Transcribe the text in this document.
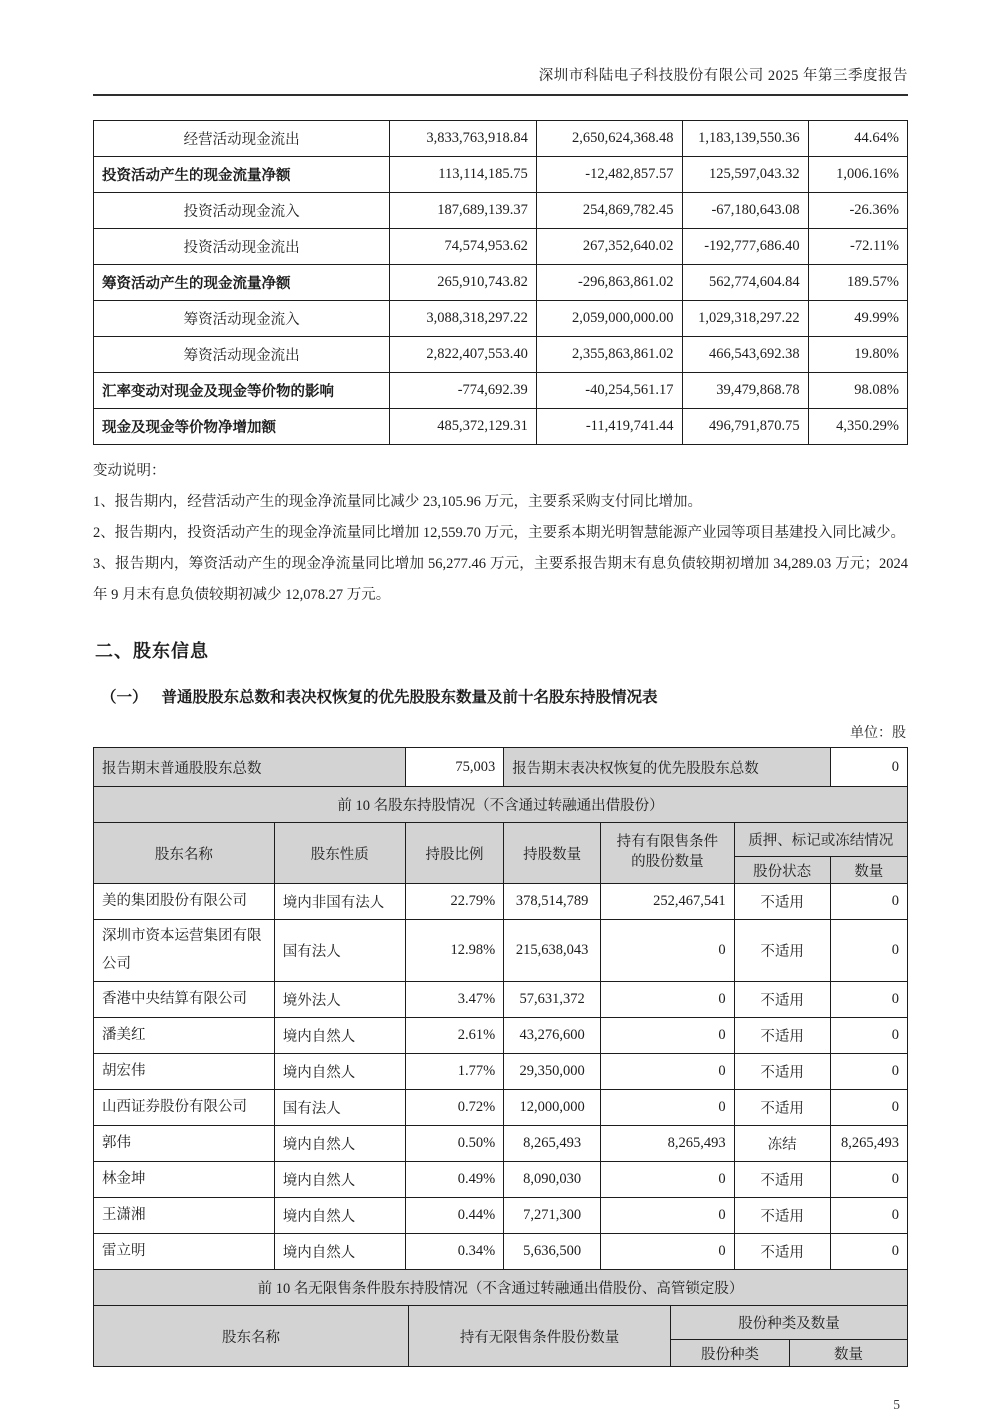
深圳市科陆电子科技股份有限公司 2025 年第三季度报告
经营活动现金流出	3,833,763,918.84	2,650,624,368.48	1,183,139,550.36	44.64%
投资活动产生的现金流量净额	113,114,185.75	-12,482,857.57	125,597,043.32	1,006.16%
投资活动现金流入	187,689,139.37	254,869,782.45	-67,180,643.08	-26.36%
投资活动现金流出	74,574,953.62	267,352,640.02	-192,777,686.40	-72.11%
筹资活动产生的现金流量净额	265,910,743.82	-296,863,861.02	562,774,604.84	189.57%
筹资活动现金流入	3,088,318,297.22	2,059,000,000.00	1,029,318,297.22	49.99%
筹资活动现金流出	2,822,407,553.40	2,355,863,861.02	466,543,692.38	19.80%
汇率变动对现金及现金等价物的影响	-774,692.39	-40,254,561.17	39,479,868.78	98.08%
现金及现金等价物净增加额	485,372,129.31	-11,419,741.44	496,791,870.75	4,350.29%
变动说明：
1、报告期内，经营活动产生的现金净流量同比减少 23,105.96 万元，主要系采购支付同比增加。
2、报告期内，投资活动产生的现金净流量同比增加 12,559.70 万元，主要系本期光明智慧能源产业园等项目基建投入同比减少。
3、报告期内，筹资活动产生的现金净流量同比增加 56,277.46 万元，主要系报告期末有息负债较期初增加 34,289.03 万元；2024 年 9 月末有息负债较期初减少 12,078.27 万元。
二、股东信息
（一） 普通股股东总数和表决权恢复的优先股股东数量及前十名股东持股情况表
单位：股
报告期末普通股股东总数		75,003	报告期末表决权恢复的优先股股东总数			0
前 10 名股东持股情况（不含通过转融通出借股份）						
股东名称	股东性质	持股比例	持股数量	持有有限售条件
的股份数量	质押、标记或冻结情况	
					股份状态	数量
美的集团股份有限公司	境内非国有法人	22.79%	378,514,789	252,467,541	不适用	0
深圳市资本运营集团有限公司	国有法人	12.98%	215,638,043	0	不适用	0
香港中央结算有限公司	境外法人	3.47%	57,631,372	0	不适用	0
潘美红	境内自然人	2.61%	43,276,600	0	不适用	0
胡宏伟	境内自然人	1.77%	29,350,000	0	不适用	0
山西证券股份有限公司	国有法人	0.72%	12,000,000	0	不适用	0
郭伟	境内自然人	0.50%	8,265,493	8,265,493	冻结	8,265,493
林金坤	境内自然人	0.49%	8,090,030	0	不适用	0
王潇湘	境内自然人	0.44%	7,271,300	0	不适用	0
雷立明	境内自然人	0.34%	5,636,500	0	不适用	0
前 10 名无限售条件股东持股情况（不含通过转融通出借股份、高管锁定股）			
股东名称	持有无限售条件股份数量	股份种类及数量	
		股份种类	数量
5
